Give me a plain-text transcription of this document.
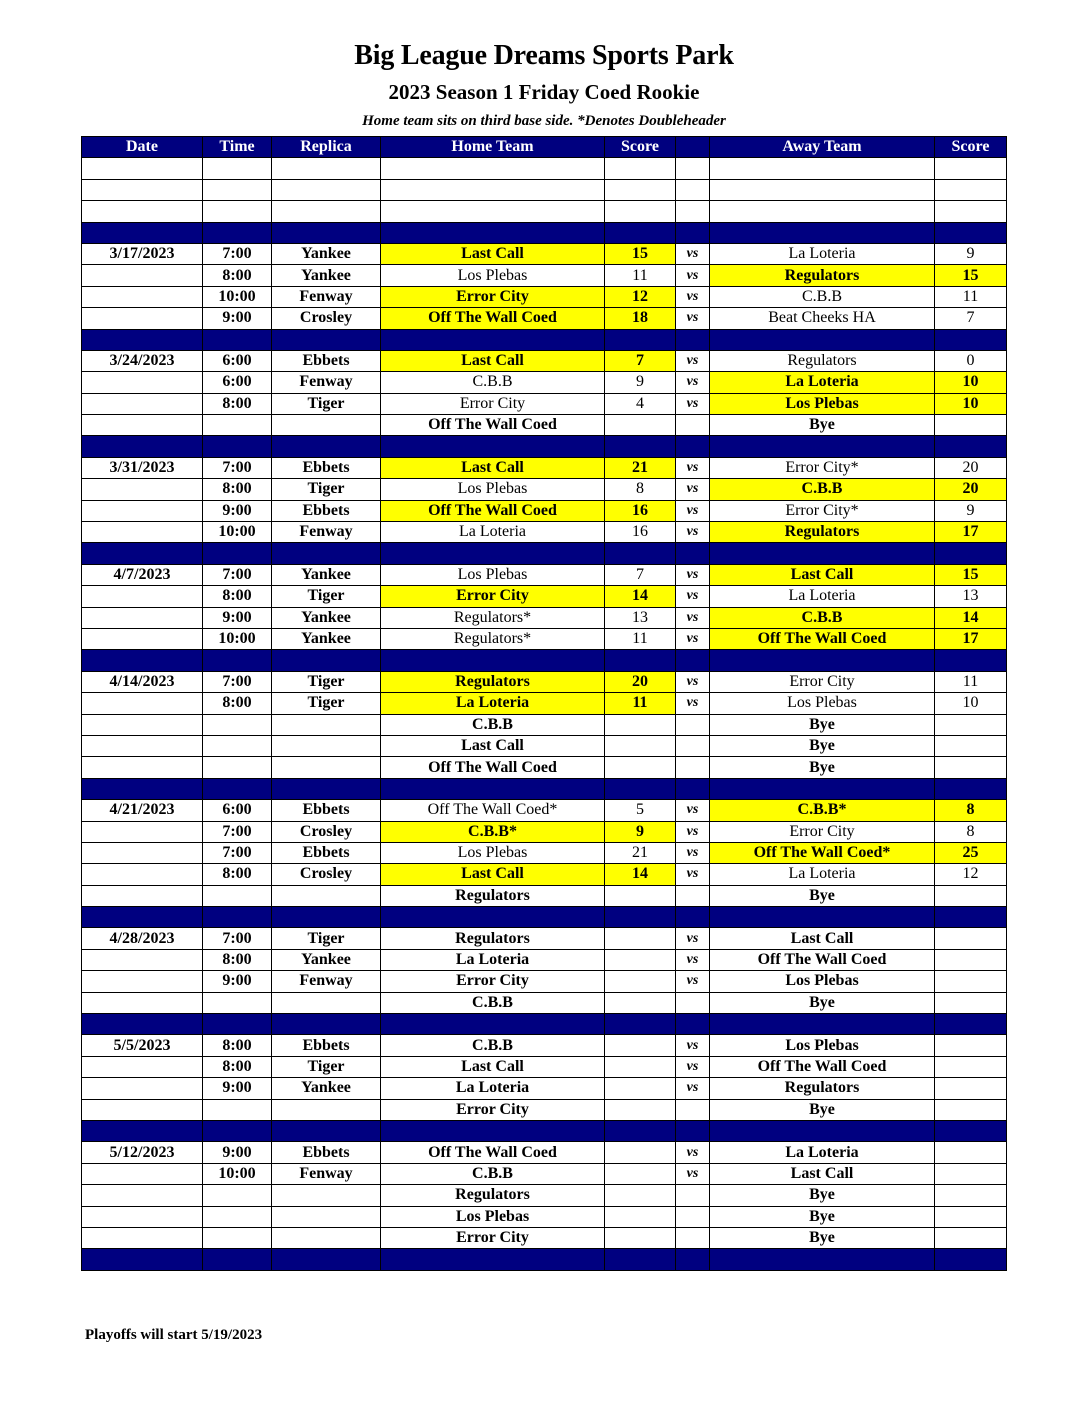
Big League Dreams Sports Park
2023 Season 1 Friday Coed Rookie

Home team sits on third base side. *Denotes Doubleheader

Date	Time	Replica	Home Team	Score		Away Team	Score

3/17/2023	7:00	Yankee	Last Call	15	vs	La Loteria	9
	8:00	Yankee	Los Plebas	11	vs	Regulators	15
	10:00	Fenway	Error City	12	vs	C.B.B	11
	9:00	Crosley	Off The Wall Coed	18	vs	Beat Cheeks HA	7

3/24/2023	6:00	Ebbets	Last Call	7	vs	Regulators	0
	6:00	Fenway	C.B.B	9	vs	La Loteria	10
	8:00	Tiger	Error City	4	vs	Los Plebas	10
			Off The Wall Coed			Bye	

3/31/2023	7:00	Ebbets	Last Call	21	vs	Error City*	20
	8:00	Tiger	Los Plebas	8	vs	C.B.B	20
	9:00	Ebbets	Off The Wall Coed	16	vs	Error City*	9
	10:00	Fenway	La Loteria	16	vs	Regulators	17

4/7/2023	7:00	Yankee	Los Plebas	7	vs	Last Call	15
	8:00	Tiger	Error City	14	vs	La Loteria	13
	9:00	Yankee	Regulators*	13	vs	C.B.B	14
	10:00	Yankee	Regulators*	11	vs	Off The Wall Coed	17

4/14/2023	7:00	Tiger	Regulators	20	vs	Error City	11
	8:00	Tiger	La Loteria	11	vs	Los Plebas	10
			C.B.B			Bye	
			Last Call			Bye	
			Off The Wall Coed			Bye	

4/21/2023	6:00	Ebbets	Off The Wall Coed*	5	vs	C.B.B*	8
	7:00	Crosley	C.B.B*	9	vs	Error City	8
	7:00	Ebbets	Los Plebas	21	vs	Off The Wall Coed*	25
	8:00	Crosley	Last Call	14	vs	La Loteria	12
			Regulators			Bye	

4/28/2023	7:00	Tiger	Regulators		vs	Last Call	
	8:00	Yankee	La Loteria		vs	Off The Wall Coed	
	9:00	Fenway	Error City		vs	Los Plebas	
			C.B.B			Bye	

5/5/2023	8:00	Ebbets	C.B.B		vs	Los Plebas	
	8:00	Tiger	Last Call		vs	Off The Wall Coed	
	9:00	Yankee	La Loteria		vs	Regulators	
			Error City			Bye	

5/12/2023	9:00	Ebbets	Off The Wall Coed		vs	La Loteria	
	10:00	Fenway	C.B.B		vs	Last Call	
			Regulators			Bye	
			Los Plebas			Bye	
			Error City			Bye	

Playoffs will start 5/19/2023
